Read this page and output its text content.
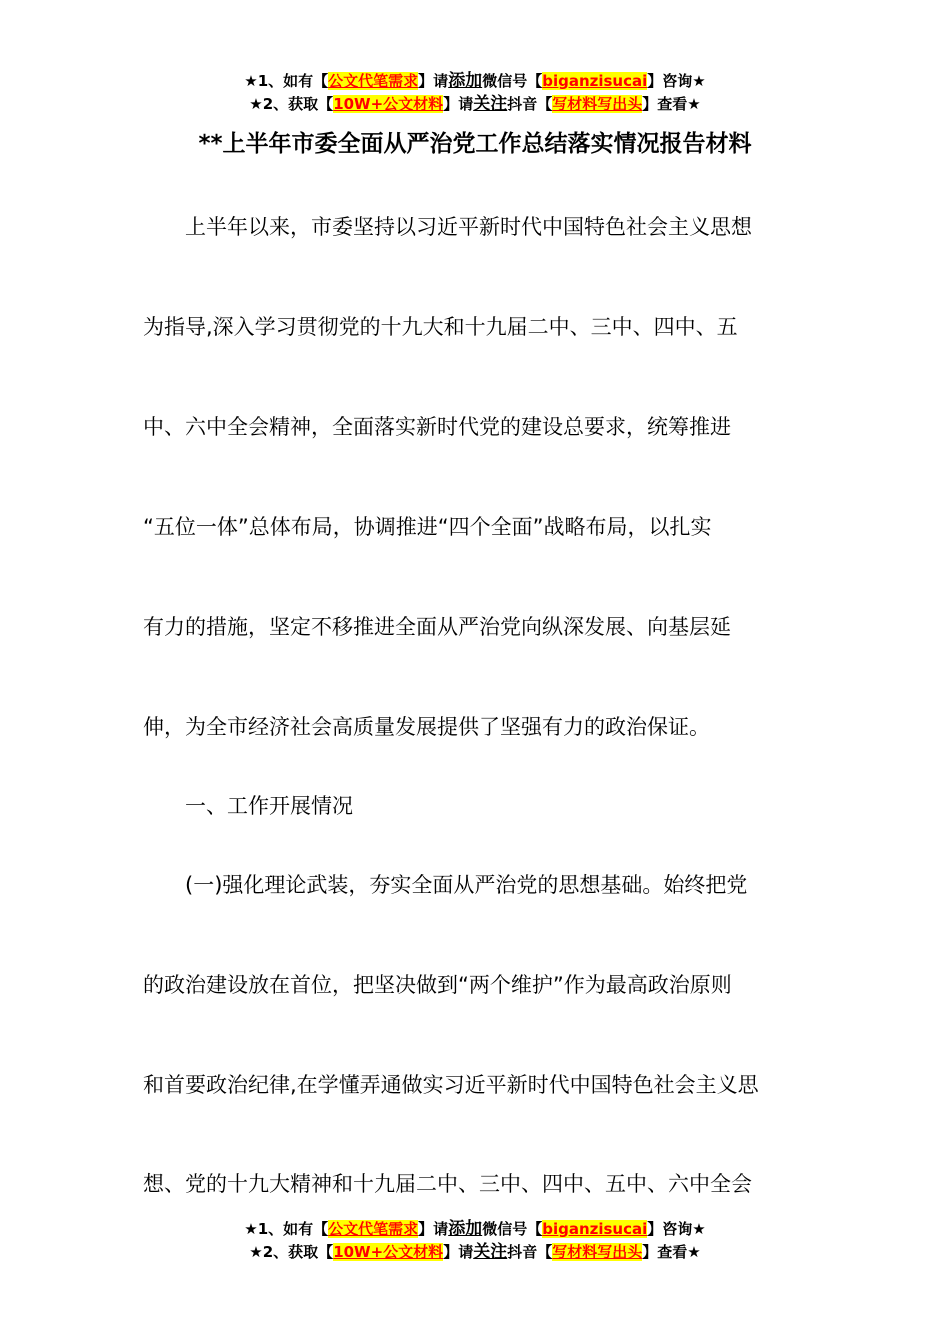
★1、如有【公文代笔需求】请添加微信号【biganzisucai】咨询★
★2、获取【10W+公文材料】请关注抖音【写材料写出头】查看★
**上半年市委全面从严治党工作总结落实情况报告材料
　　上半年以来，市委坚持以习近平新时代中国特色社会主义思想
为指导,深入学习贯彻党的十九大和十九届二中、三中、四中、五
中、六中全会精神，全面落实新时代党的建设总要求，统筹推进
“五位一体”总体布局，协调推进“四个全面”战略布局，以扎实
有力的措施，坚定不移推进全面从严治党向纵深发展、向基层延
伸，为全市经济社会高质量发展提供了坚强有力的政治保证。
　　一、工作开展情况
　　(一)强化理论武装，夯实全面从严治党的思想基础。始终把党
的政治建设放在首位，把坚决做到“两个维护”作为最高政治原则
和首要政治纪律,在学懂弄通做实习近平新时代中国特色社会主义思
想、党的十九大精神和十九届二中、三中、四中、五中、六中全会
★1、如有【公文代笔需求】请添加微信号【biganzisucai】咨询★
★2、获取【10W+公文材料】请关注抖音【写材料写出头】查看★
